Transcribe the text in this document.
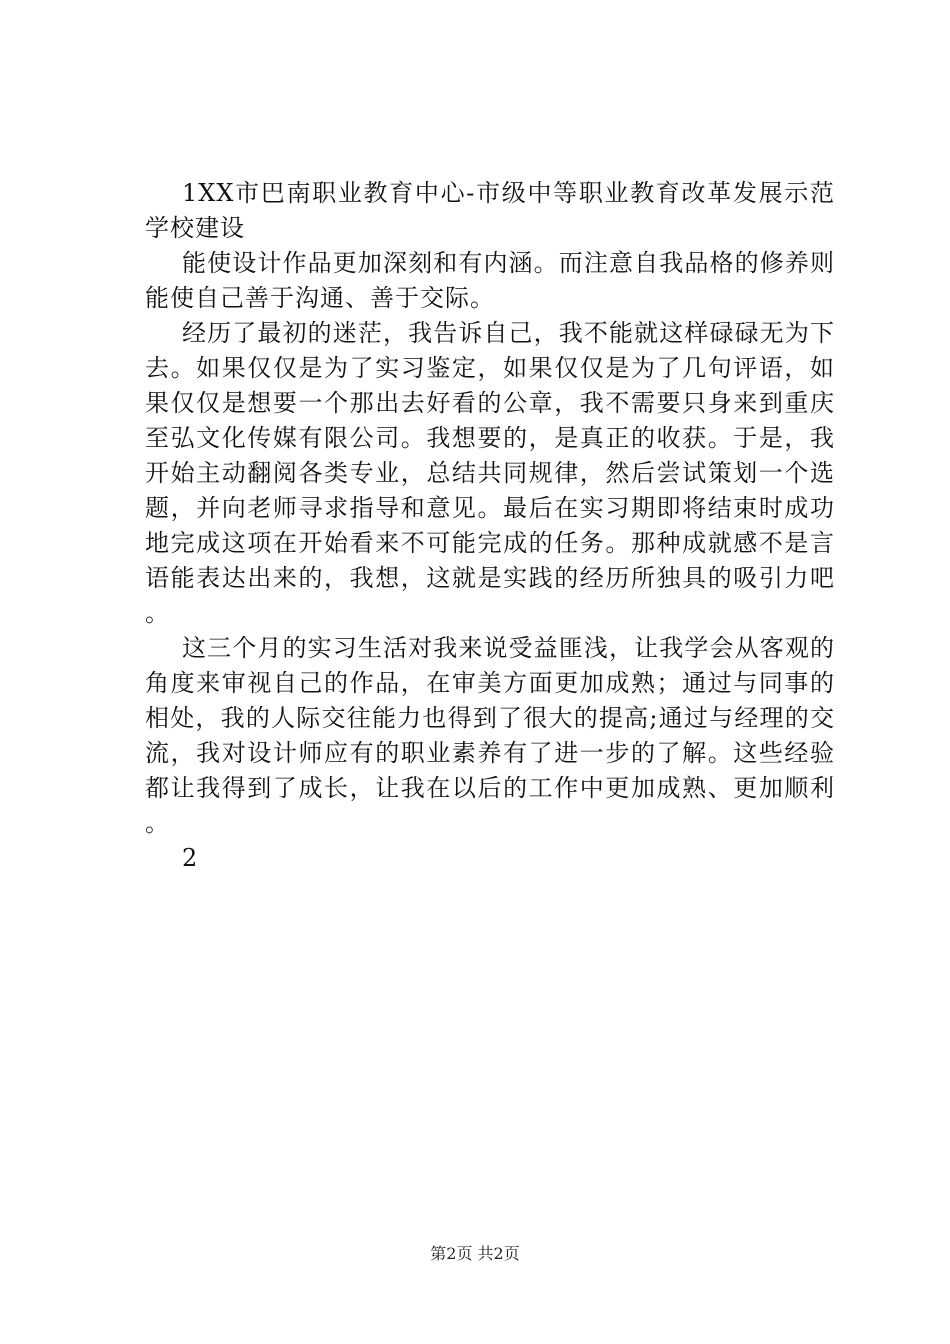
1XX市巴南职业教育中心-市级中等职业教育改革发展示范学校建设

能使设计作品更加深刻和有内涵。而注意自我品格的修养则能使自己善于沟通、善于交际。

经历了最初的迷茫，我告诉自己，我不能就这样碌碌无为下去。如果仅仅是为了实习鉴定，如果仅仅是为了几句评语，如果仅仅是想要一个那出去好看的公章，我不需要只身来到重庆至弘文化传媒有限公司。我想要的，是真正的收获。于是，我开始主动翻阅各类专业，总结共同规律，然后尝试策划一个选题，并向老师寻求指导和意见。最后在实习期即将结束时成功地完成这项在开始看来不可能完成的任务。那种成就感不是言语能表达出来的，我想，这就是实践的经历所独具的吸引力吧。

这三个月的实习生活对我来说受益匪浅，让我学会从客观的角度来审视自己的作品，在审美方面更加成熟；通过与同事的相处，我的人际交往能力也得到了很大的提高;通过与经理的交流，我对设计师应有的职业素养有了进一步的了解。这些经验都让我得到了成长，让我在以后的工作中更加成熟、更加顺利。

2

第2页 共2页
